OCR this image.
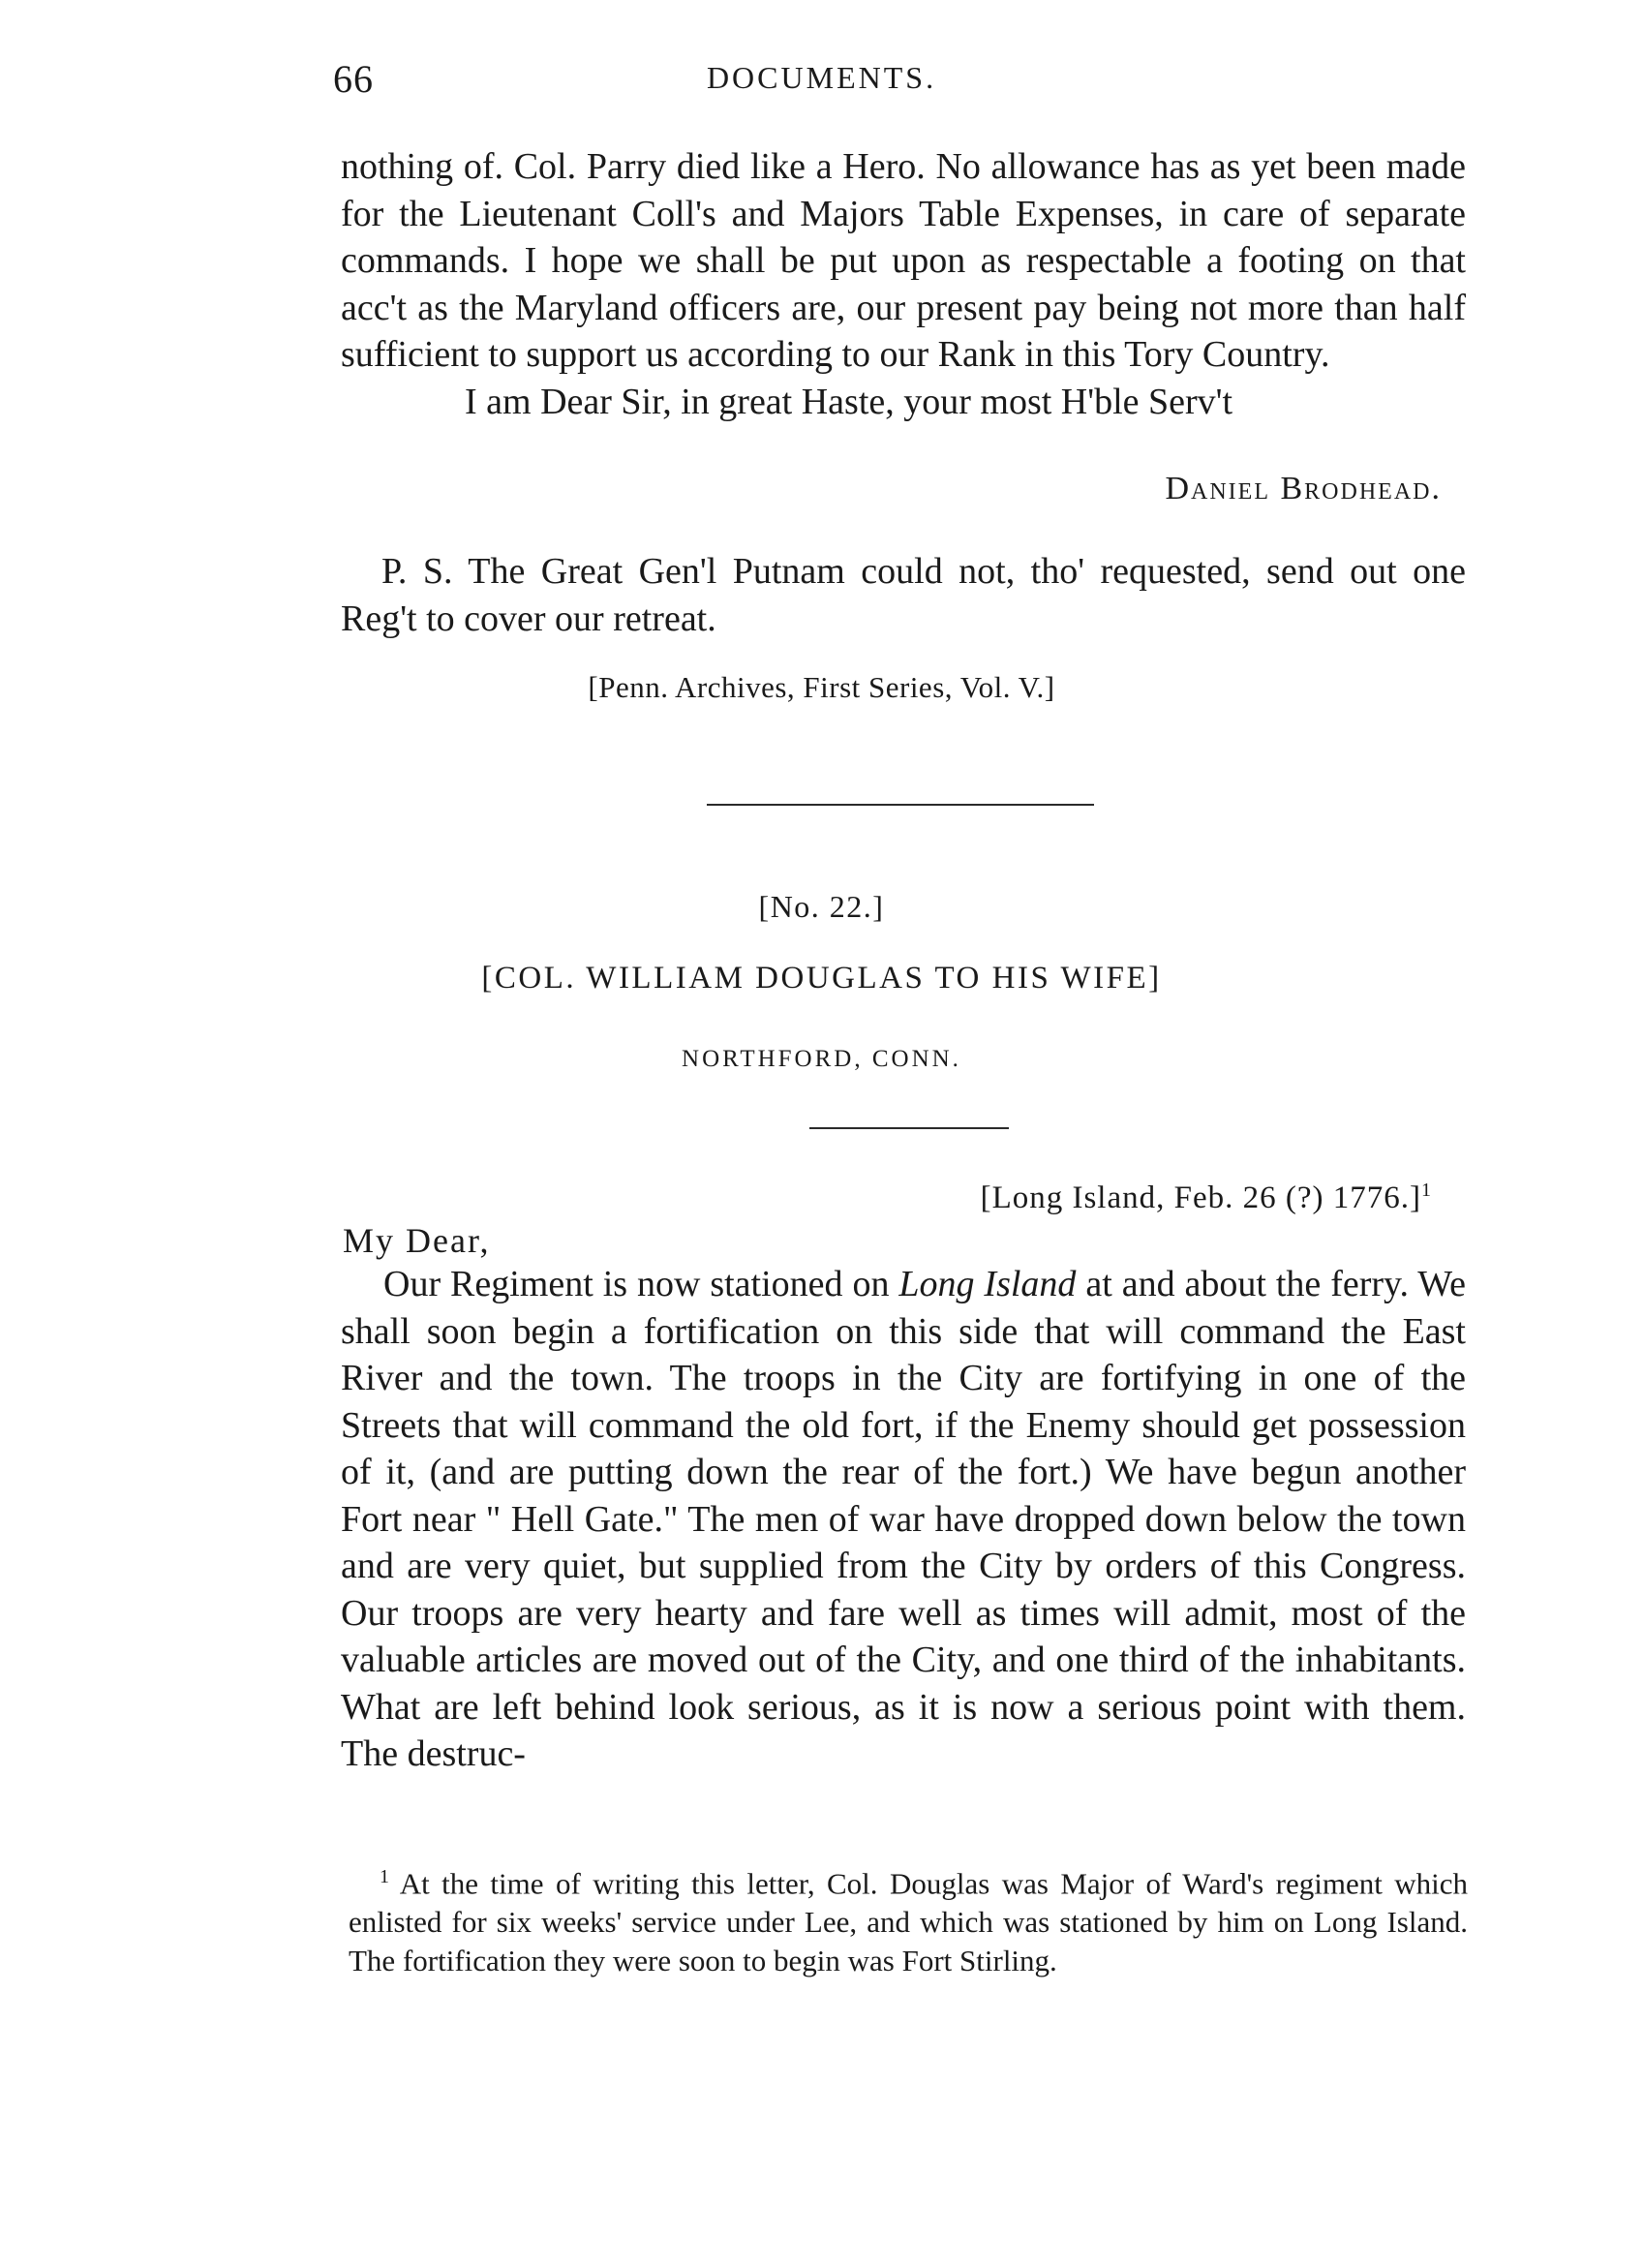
66	DOCUMENTS.

nothing of. Col. Parry died like a Hero. No allowance has as yet been made for the Lieutenant Coll's and Majors Table Expenses, in care of separate commands. I hope we shall be put upon as respectable a footing on that acc't as the Maryland officers are, our present pay being not more than half sufficient to support us according to our Rank in this Tory Country.

I am Dear Sir, in great Haste, your most H'ble Serv't

Daniel Brodhead.

P. S. The Great Gen'l Putnam could not, tho' requested, send out one Reg't to cover our retreat.

[Penn. Archives, First Series, Vol. V.]
[No. 22.]
[COL. WILLIAM DOUGLAS TO HIS WIFE]
NORTHFORD, CONN.
[Long Island, Feb. 26 (?) 1776.]$^1$
My Dear,

Our Regiment is now stationed on Long Island at and about the ferry. We shall soon begin a fortification on this side that will command the East River and the town. The troops in the City are fortifying in one of the Streets that will command the old fort, if the Enemy should get possession of it, (and are putting down the rear of the fort.) We have begun another Fort near " Hell Gate." The men of war have dropped down below the town and are very quiet, but supplied from the City by orders of this Congress. Our troops are very hearty and fare well as times will admit, most of the valuable articles are moved out of the City, and one third of the inhabitants. What are left behind look serious, as it is now a serious point with them. The destruc-

$^1$ At the time of writing this letter, Col. Douglas was Major of Ward's regiment which enlisted for six weeks' service under Lee, and which was stationed by him on Long Island. The fortification they were soon to begin was Fort Stirling.
